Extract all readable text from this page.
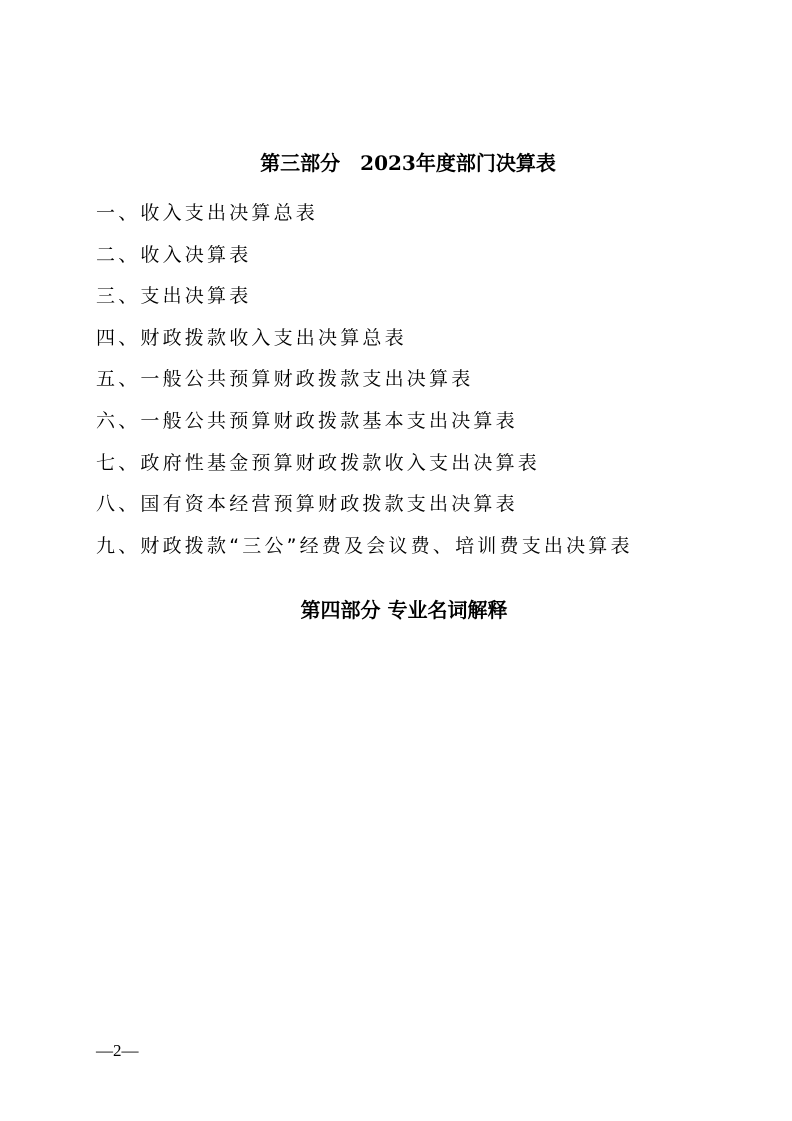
第三部分　2023年度部门决算表
一、收入支出决算总表
二、收入决算表
三、支出决算表
四、财政拨款收入支出决算总表
五、一般公共预算财政拨款支出决算表
六、一般公共预算财政拨款基本支出决算表
七、政府性基金预算财政拨款收入支出决算表
八、国有资本经营预算财政拨款支出决算表
九、财政拨款“三公”经费及会议费、培训费支出决算表
第四部分 专业名词解释
—2—
